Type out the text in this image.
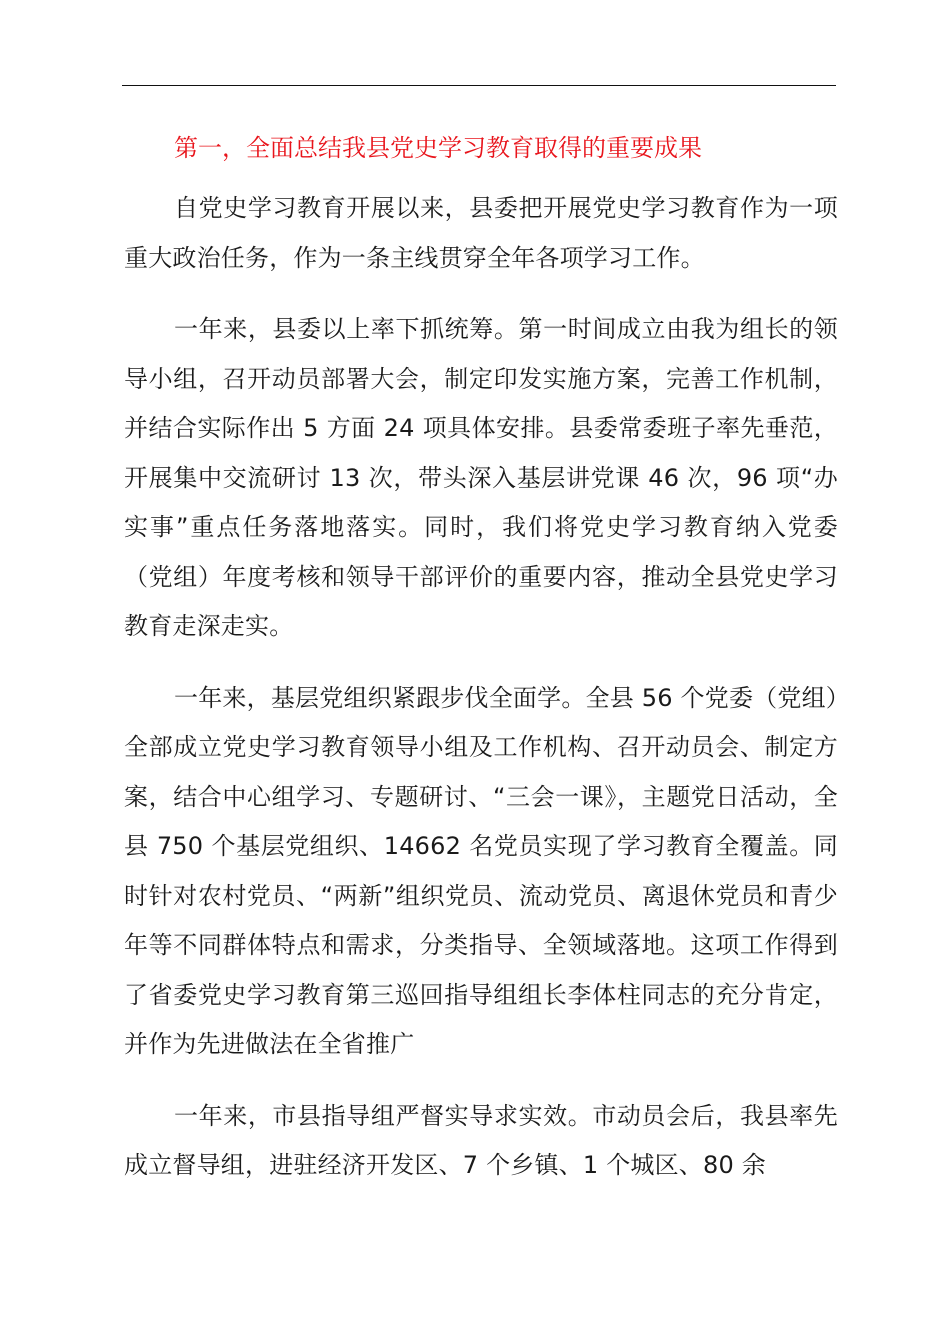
第一，全面总结我县党史学习教育取得的重要成果

自党史学习教育开展以来，县委把开展党史学习教育作为一项重大政治任务，作为一条主线贯穿全年各项学习工作。

一年来，县委以上率下抓统筹。第一时间成立由我为组长的领导小组，召开动员部署大会，制定印发实施方案，完善工作机制，并结合实际作出 5 方面 24 项具体安排。县委常委班子率先垂范，开展集中交流研讨 13 次，带头深入基层讲党课 46 次，96 项“办实事”重点任务落地落实。同时，我们将党史学习教育纳入党委（党组）年度考核和领导干部评价的重要内容，推动全县党史学习教育走深走实。

一年来，基层党组织紧跟步伐全面学。全县 56 个党委（党组）全部成立党史学习教育领导小组及工作机构、召开动员会、制定方案，结合中心组学习、专题研讨、“三会一课》，主题党日活动，全县 750 个基层党组织、14662 名党员实现了学习教育全覆盖。同时针对农村党员、“两新”组织党员、流动党员、离退休党员和青少年等不同群体特点和需求，分类指导、全领域落地。这项工作得到了省委党史学习教育第三巡回指导组组长李体柱同志的充分肯定，并作为先进做法在全省推广

一年来，市县指导组严督实导求实效。市动员会后，我县率先成立督导组，进驻经济开发区、7 个乡镇、1 个城区、80 余
